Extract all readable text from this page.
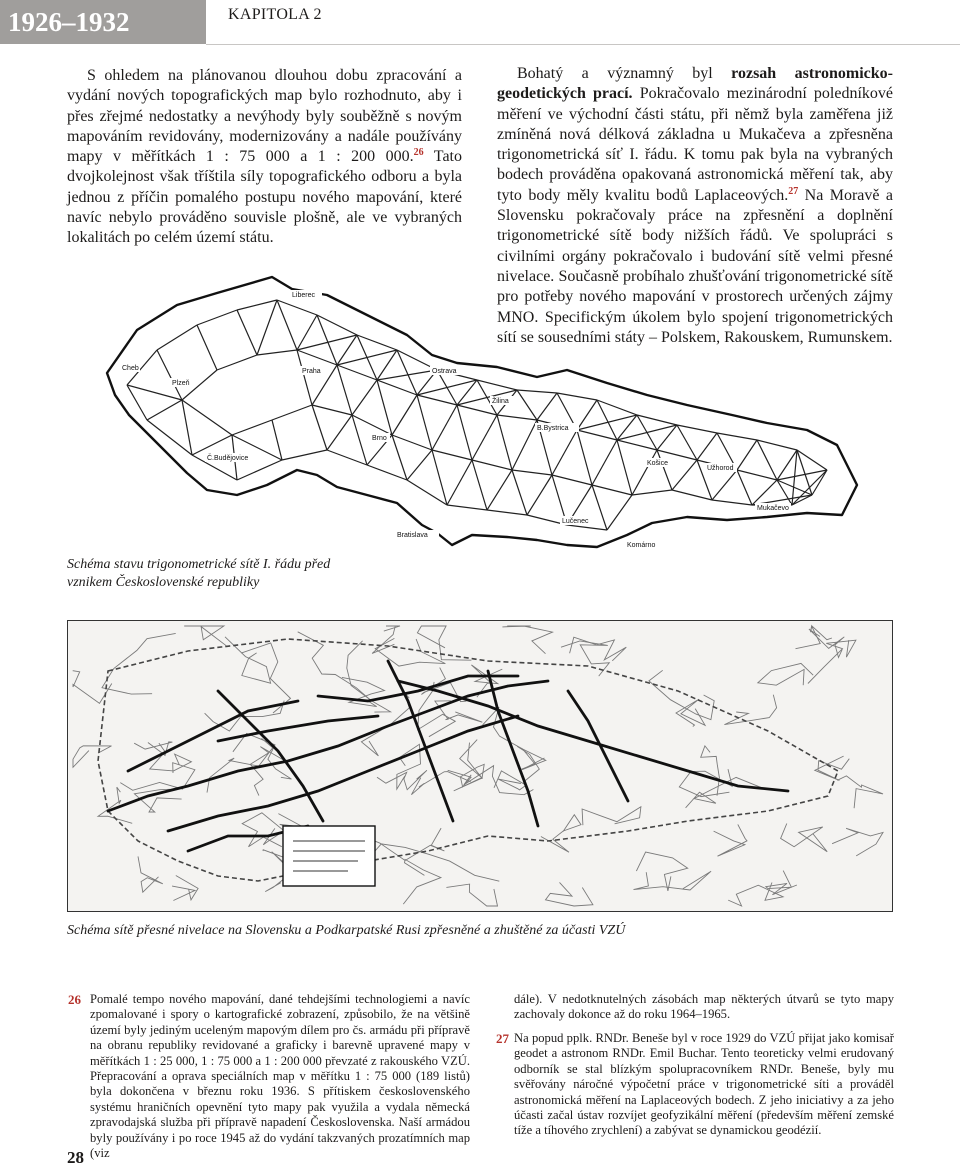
1926–1932	KAPITOLA 2

S ohledem na plánovanou dlouhou dobu zpracování a vydání nových topografických map bylo rozhodnuto, aby i přes zřejmé nedostatky a nevýhody byly souběžně s novým mapováním revidovány, modernizovány a nadále používány mapy v měřítkách 1 : 75 000 a 1 : 200 000.26 Tato dvojkolejnost však tříštila síly topografického odboru a byla jednou z příčin pomalého postupu nového mapování, které navíc nebylo prováděno souvisle plošně, ale ve vybraných lokalitách po celém území státu.

Bohatý a významný byl rozsah astronomicko-geodetických prací. Pokračovalo mezinárodní poledníkové měření ve východní části státu, při němž byla zaměřena již zmíněná nová délková základna u Mukačeva a zpřesněna trigonometrická síť I. řádu. K tomu pak byla na vybraných bodech prováděna opakovaná astronomická měření tak, aby tyto body měly kvalitu bodů Laplaceových.$^{27}$ Na Moravě a Slovensku pokračovaly práce na zpřesnění a doplnění trigonometrické sítě body nižších řádů. Ve spolupráci s civilními orgány pokračovalo i budování sítě velmi přesné nivelace. Současně probíhalo zhušťování trigonometrické sítě pro potřeby nového mapování v prostorech určených zájmy MNO. Specifickým úkolem bylo spojení trigonometrických sítí se sousedními státy – Polskem, Rakouskem, Rumunskem.

Liberec
Praha
Cheb
Plzeň
Brno
Č.Budějovice
Ostrava
Žilina
B.Bystrica
Košice
Užhorod
Mukačevo
Lučenec
Komárno
Bratislava
Schéma stavu trigonometrické sítě I. řádu před vznikem Československé republiky
Schéma sítě přesné nivelace na Slovensku a Podkarpatské Rusi zpřesněné a zhuštěné za účasti VZÚ
26 Pomalé tempo nového mapování, dané tehdejšími technologiemi a navíc zpomalované i spory o kartografické zobrazení, způsobilo, že na většině území byly jediným uceleným mapovým dílem pro čs. armádu při přípravě na obranu republiky revidované a graficky i barevně upravené mapy v měřítkách 1 : 25 000, 1 : 75 000 a 1 : 200 000 převzaté z rakouského VZÚ. Přepracování a oprava speciálních map v měřítku 1 : 75 000 (189 listů) byla dokončena v březnu roku 1936. S přítiskem československého systému hraničních opevnění tyto mapy pak využila a vydala německá zpravodajská služba při přípravě napadení Československa. Naší armádou byly používány i po roce 1945 až do vydání takzvaných prozatímních map (viz
dále). V nedotknutelných zásobách map některých útvarů se tyto mapy zachovaly dokonce až do roku 1964–1965.
27 Na popud pplk. RNDr. Beneše byl v roce 1929 do VZÚ přijat jako komisař geodet a astronom RNDr. Emil Buchar. Tento teoreticky velmi erudovaný odborník se stal blízkým spolupracovníkem RNDr. Beneše, byly mu svěřovány náročné výpočetní práce v trigonometrické síti a prováděl astronomická měření na Laplaceových bodech. Z jeho iniciativy a za jeho účasti začal ústav rozvíjet geofyzikální měření (především měření zemské tíže a tíhového zrychlení) a zabývat se dynamickou geodézií.
28
